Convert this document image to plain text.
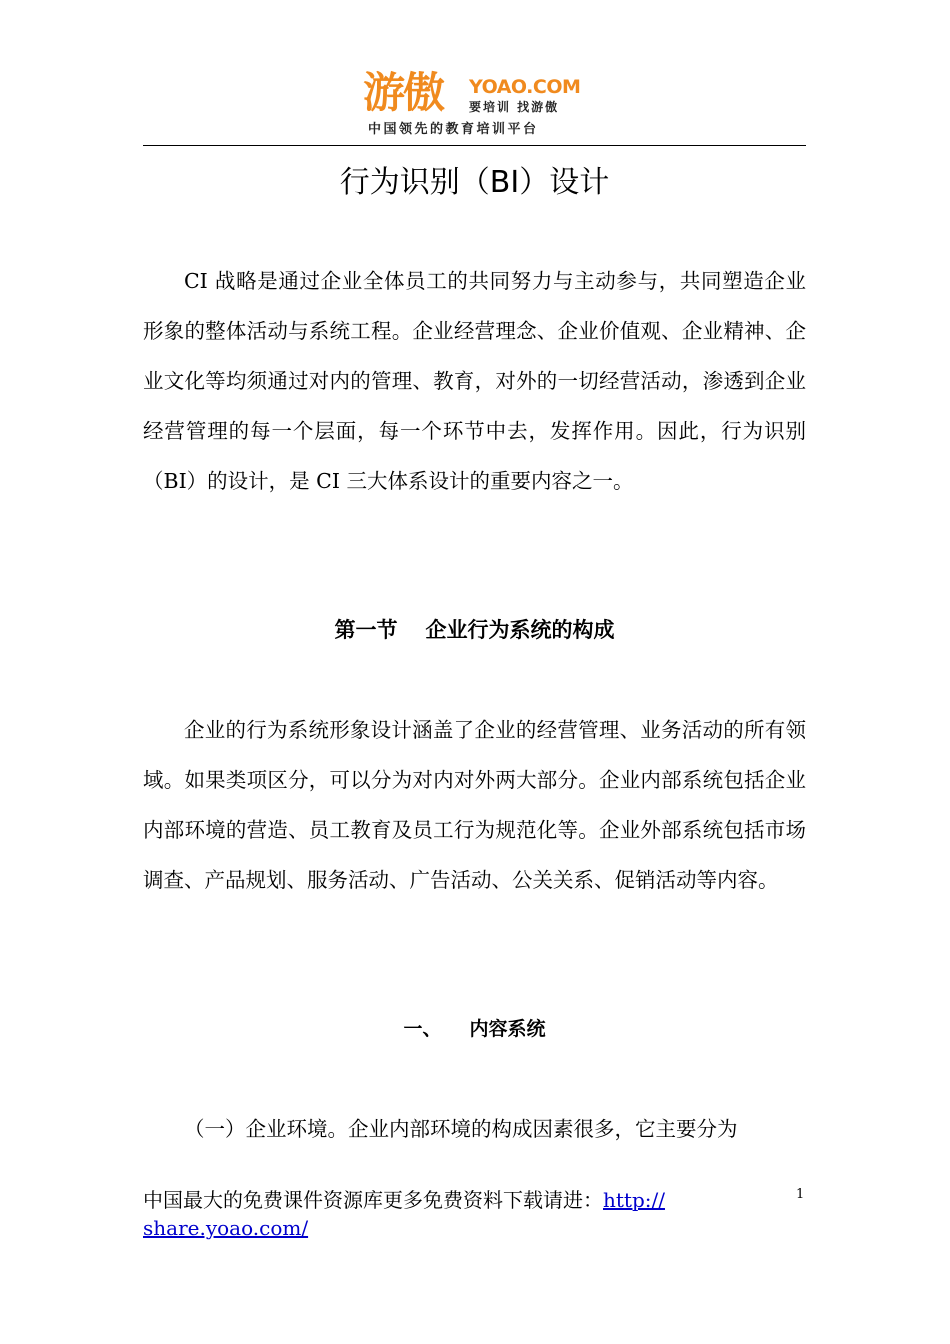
游傲 YOAO.COM
要培训 找游傲
中国领先的教育培训平台
行为识别（BI）设计

CI 战略是通过企业全体员工的共同努力与主动参与，共同塑造企业形象的整体活动与系统工程。企业经营理念、企业价值观、企业精神、企业文化等均须通过对内的管理、教育，对外的一切经营活动，渗透到企业经营管理的每一个层面，每一个环节中去，发挥作用。因此，行为识别（BI）的设计，是 CI 三大体系设计的重要内容之一。

第一节 企业行为系统的构成

企业的行为系统形象设计涵盖了企业的经营管理、业务活动的所有领域。如果类项区分，可以分为对内对外两大部分。企业内部系统包括企业内部环境的营造、员工教育及员工行为规范化等。企业外部系统包括市场调查、产品规划、服务活动、广告活动、公关关系、促销活动等内容。

一、 内容系统

（一）企业环境。企业内部环境的构成因素很多，它主要分为

中国最大的免费课件资源库更多免费资料下载请进：http://
share.yoao.com/
1
